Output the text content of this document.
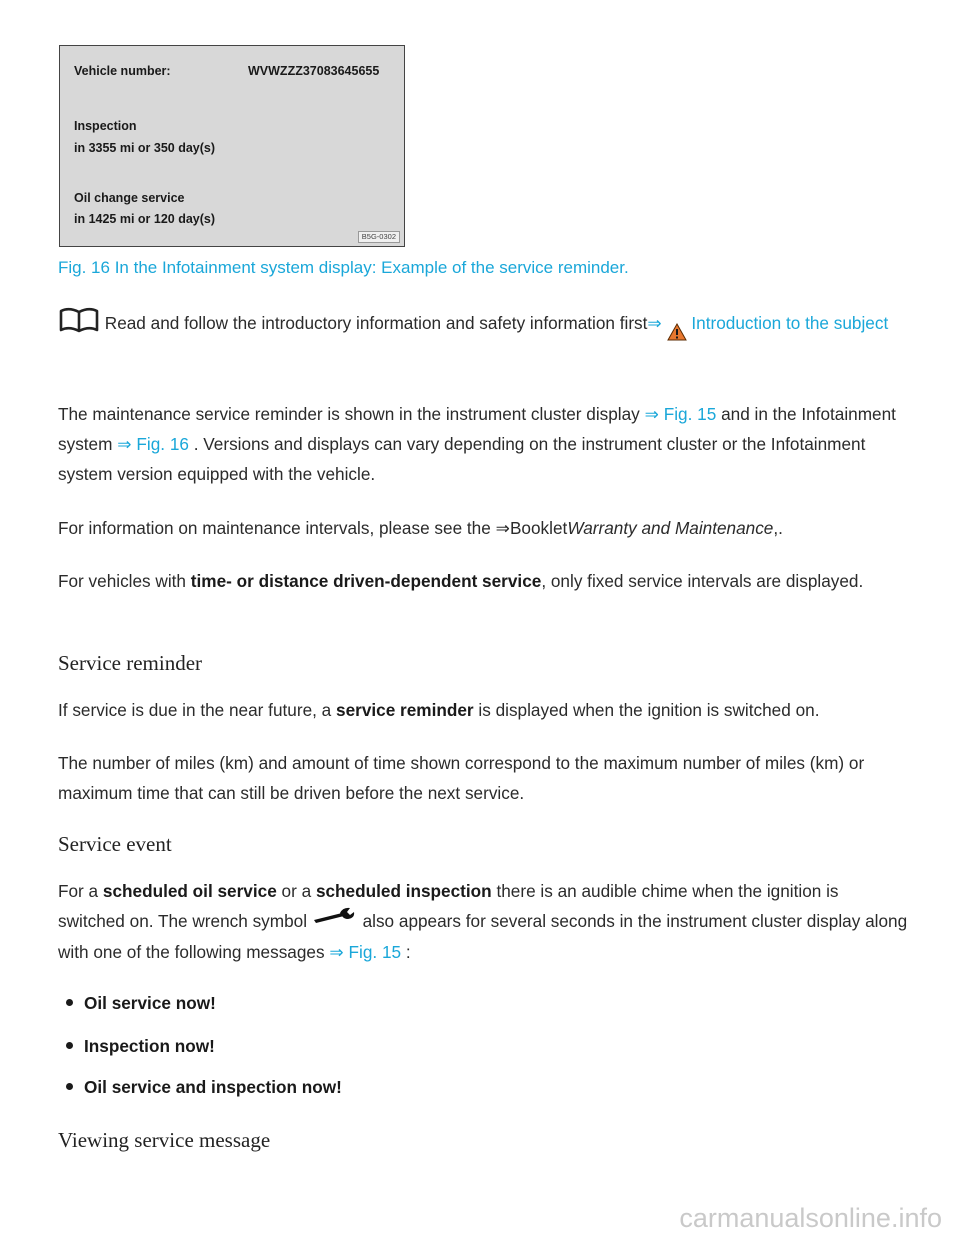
Vehicle number:	WVWZZZ37083645655
Inspection
in 3355 mi or 350 day(s)
Oil change service
in 1425 mi or 120 day(s)
B5G-0302
Fig. 16 In the Infotainment system display: Example of the service reminder.
Read and follow the introductory information and safety information first⇒ Introduction to the subject
The maintenance service reminder is shown in the instrument cluster display ⇒ Fig. 15 and in the Infotainment system ⇒ Fig. 16 . Versions and displays can vary depending on the instrument cluster or the Infotainment system version equipped with the vehicle.
For information on maintenance intervals, please see the ⇒BookletWarranty and Maintenance,.
For vehicles with time- or distance driven-dependent service, only fixed service intervals are displayed.
Service reminder
If service is due in the near future, a service reminder is displayed when the ignition is switched on.
The number of miles (km) and amount of time shown correspond to the maximum number of miles (km) or maximum time that can still be driven before the next service.
Service event
For a scheduled oil service or a scheduled inspection there is an audible chime when the ignition is switched on. The wrench symbol	also appears for several seconds in the instrument cluster display along with one of the following messages ⇒ Fig. 15 :
Oil service now!
Inspection now!
Oil service and inspection now!
Viewing service message
carmanualsonline.info
